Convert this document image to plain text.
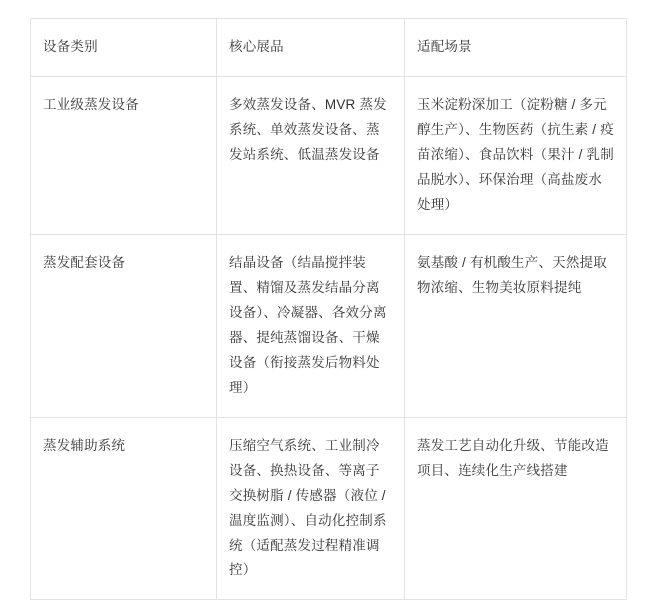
设备类别	核心展品	适配场景
工业级蒸发设备	多效蒸发设备、MVR 蒸发系统、单效蒸发设备、蒸发站系统、低温蒸发设备	玉米淀粉深加工（淀粉糖 / 多元醇生产）、生物医药（抗生素 / 疫苗浓缩）、食品饮料（果汁 / 乳制品脱水）、环保治理（高盐废水处理）
蒸发配套设备	结晶设备（结晶搅拌装置、精馏及蒸发结晶分离设备）、冷凝器、各效分离器、提纯蒸馏设备、干燥设备（衔接蒸发后物料处理）	氨基酸 / 有机酸生产、天然提取物浓缩、生物美妆原料提纯
蒸发辅助系统	压缩空气系统、工业制冷设备、换热设备、等离子交换树脂 / 传感器（液位 / 温度监测）、自动化控制系统（适配蒸发过程精准调控）	蒸发工艺自动化升级、节能改造项目、连续化生产线搭建
